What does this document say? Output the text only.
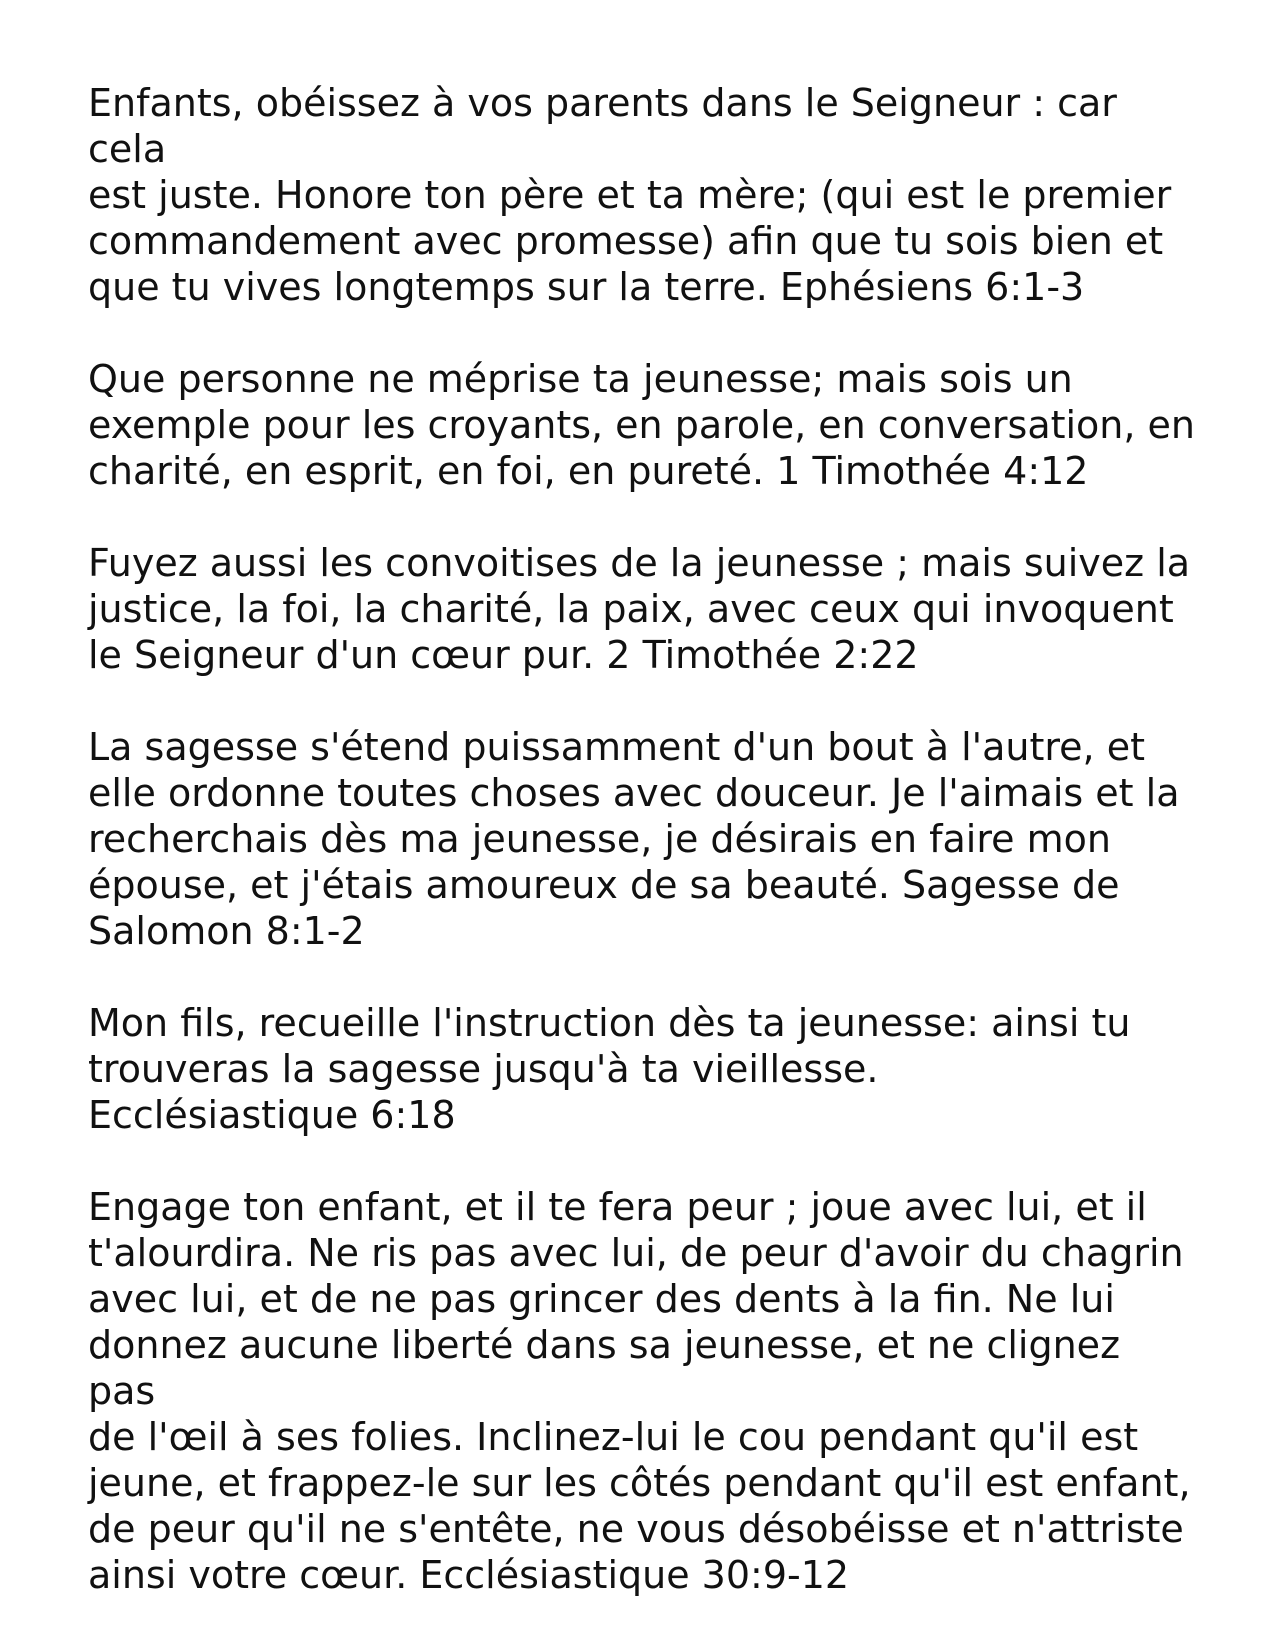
Enfants, obéissez à vos parents dans le Seigneur : car cela
est juste. Honore ton père et ta mère; (qui est le premier
commandement avec promesse) afin que tu sois bien et
que tu vives longtemps sur la terre. Ephésiens 6:1-3

Que personne ne méprise ta jeunesse; mais sois un
exemple pour les croyants, en parole, en conversation, en
charité, en esprit, en foi, en pureté. 1 Timothée 4:12

Fuyez aussi les convoitises de la jeunesse ; mais suivez la
justice, la foi, la charité, la paix, avec ceux qui invoquent
le Seigneur d'un cœur pur. 2 Timothée 2:22

La sagesse s'étend puissamment d'un bout à l'autre, et
elle ordonne toutes choses avec douceur. Je l'aimais et la
recherchais dès ma jeunesse, je désirais en faire mon
épouse, et j'étais amoureux de sa beauté. Sagesse de
Salomon 8:1-2

Mon fils, recueille l'instruction dès ta jeunesse: ainsi tu
trouveras la sagesse jusqu'à ta vieillesse.
Ecclésiastique 6:18

Engage ton enfant, et il te fera peur ; joue avec lui, et il
t'alourdira. Ne ris pas avec lui, de peur d'avoir du chagrin
avec lui, et de ne pas grincer des dents à la fin. Ne lui
donnez aucune liberté dans sa jeunesse, et ne clignez pas
de l'œil à ses folies. Inclinez-lui le cou pendant qu'il est
jeune, et frappez-le sur les côtés pendant qu'il est enfant,
de peur qu'il ne s'entête, ne vous désobéisse et n'attriste
ainsi votre cœur. Ecclésiastique 30:9-12
